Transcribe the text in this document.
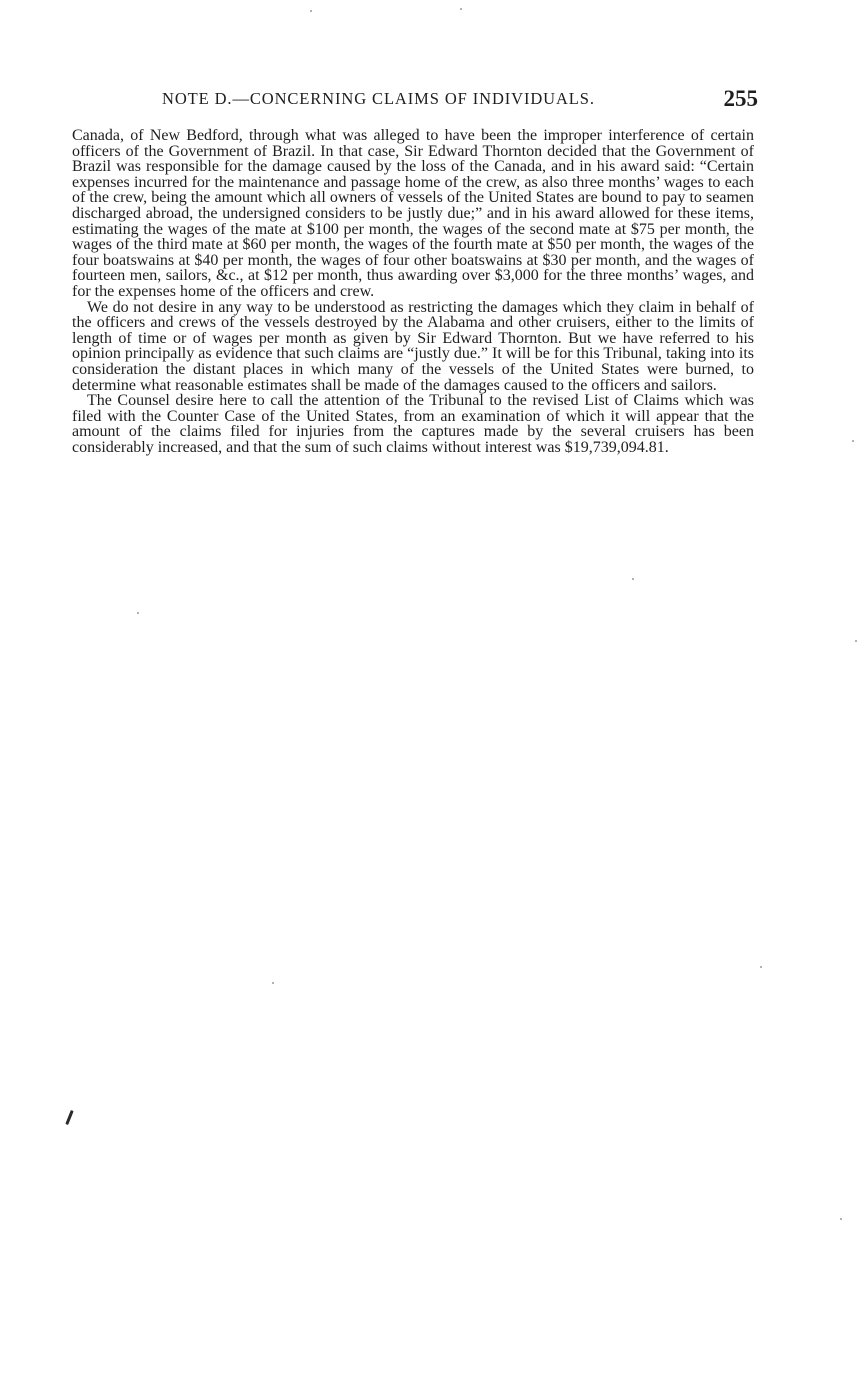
NOTE D.—CONCERNING CLAIMS OF INDIVIDUALS.	255

Canada, of New Bedford, through what was alleged to have been the improper interference of certain officers of the Government of Brazil. In that case, Sir Edward Thornton decided that the Government of Brazil was responsible for the damage caused by the loss of the Canada, and in his award said: “Certain expenses incurred for the maintenance and passage home of the crew, as also three months’ wages to each of the crew, being the amount which all owners of vessels of the United States are bound to pay to seamen discharged abroad, the undersigned considers to be justly due;” and in his award allowed for these items, estimating the wages of the mate at $100 per month, the wages of the second mate at $75 per month, the wages of the third mate at $60 per month, the wages of the fourth mate at $50 per month, the wages of the four boatswains at $40 per month, the wages of four other boatswains at $30 per month, and the wages of fourteen men, sailors, &c., at $12 per month, thus awarding over $3,000 for the three months’ wages, and for the expenses home of the officers and crew.

We do not desire in any way to be understood as restricting the damages which they claim in behalf of the officers and crews of the vessels destroyed by the Alabama and other cruisers, either to the limits of length of time or of wages per month as given by Sir Edward Thornton. But we have referred to his opinion principally as evidence that such claims are “justly due.” It will be for this Tribunal, taking into its consideration the distant places in which many of the vessels of the United States were burned, to determine what reasonable estimates shall be made of the damages caused to the officers and sailors.

The Counsel desire here to call the attention of the Tribunal to the revised List of Claims which was filed with the Counter Case of the United States, from an examination of which it will appear that the amount of the claims filed for injuries from the captures made by the several cruisers has been considerably increased, and that the sum of such claims without interest was $19,739,094.81.
